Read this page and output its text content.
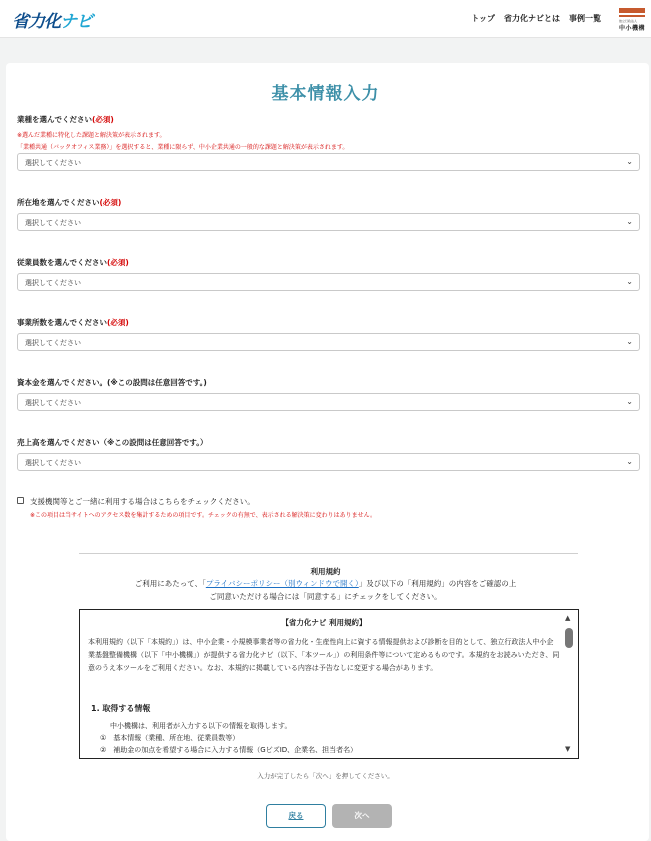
省力化ナビ	トップ 省力化ナビとは 事例一覧	独立行政法人
中小機構
基本情報入力
業種を選んでください(必須)
※選んだ業種に特化した課題と解決策が表示されます。
「業種共通（バックオフィス業務）」を選択すると、業種に限らず、中小企業共通の一般的な課題と解決策が表示されます。
選択してください	⌄
所在地を選んでください(必須)
選択してください	⌄
従業員数を選んでください(必須)
選択してください	⌄
事業所数を選んでください(必須)
選択してください	⌄
資本金を選んでください。(※この設問は任意回答です。)
選択してください	⌄
売上高を選んでください（※この設問は任意回答です。）
選択してください	⌄
支援機関等とご一緒に利用する場合はこちらをチェックください。
※この項目は当サイトへのアクセス数を集計するための項目です。チェックの有無で、表示される解決策に変わりはありません。
利用規約
ご利用にあたって、「プライバシーポリシー（別ウィンドウで開く）」及び以下の「利用規約」の内容をご確認の上
ご同意いただける場合には「同意する」にチェックをしてください。
【省力化ナビ 利用規約】
本利用規約（以下「本規約」）は、中小企業・小規模事業者等の省力化・生産性向上に資する情報提供および診断を目的として、独立行政法人中小企業基盤整備機構（以下「中小機構」）が提供する省力化ナビ（以下、「本ツール」）の利用条件等について定めるものです。本規約をお読みいただき、同意のうえ本ツールをご利用ください。なお、本規約に掲載している内容は予告なしに変更する場合があります。
1. 取得する情報
中小機構は、利用者が入力する以下の情報を取得します。
①　基本情報（業種、所在地、従業員数等）
②　補助金の加点を希望する場合に入力する情報（GビズID、企業名、担当者名）
▲
▼
入力が完了したら「次へ」を押してください。
戻る	次へ
